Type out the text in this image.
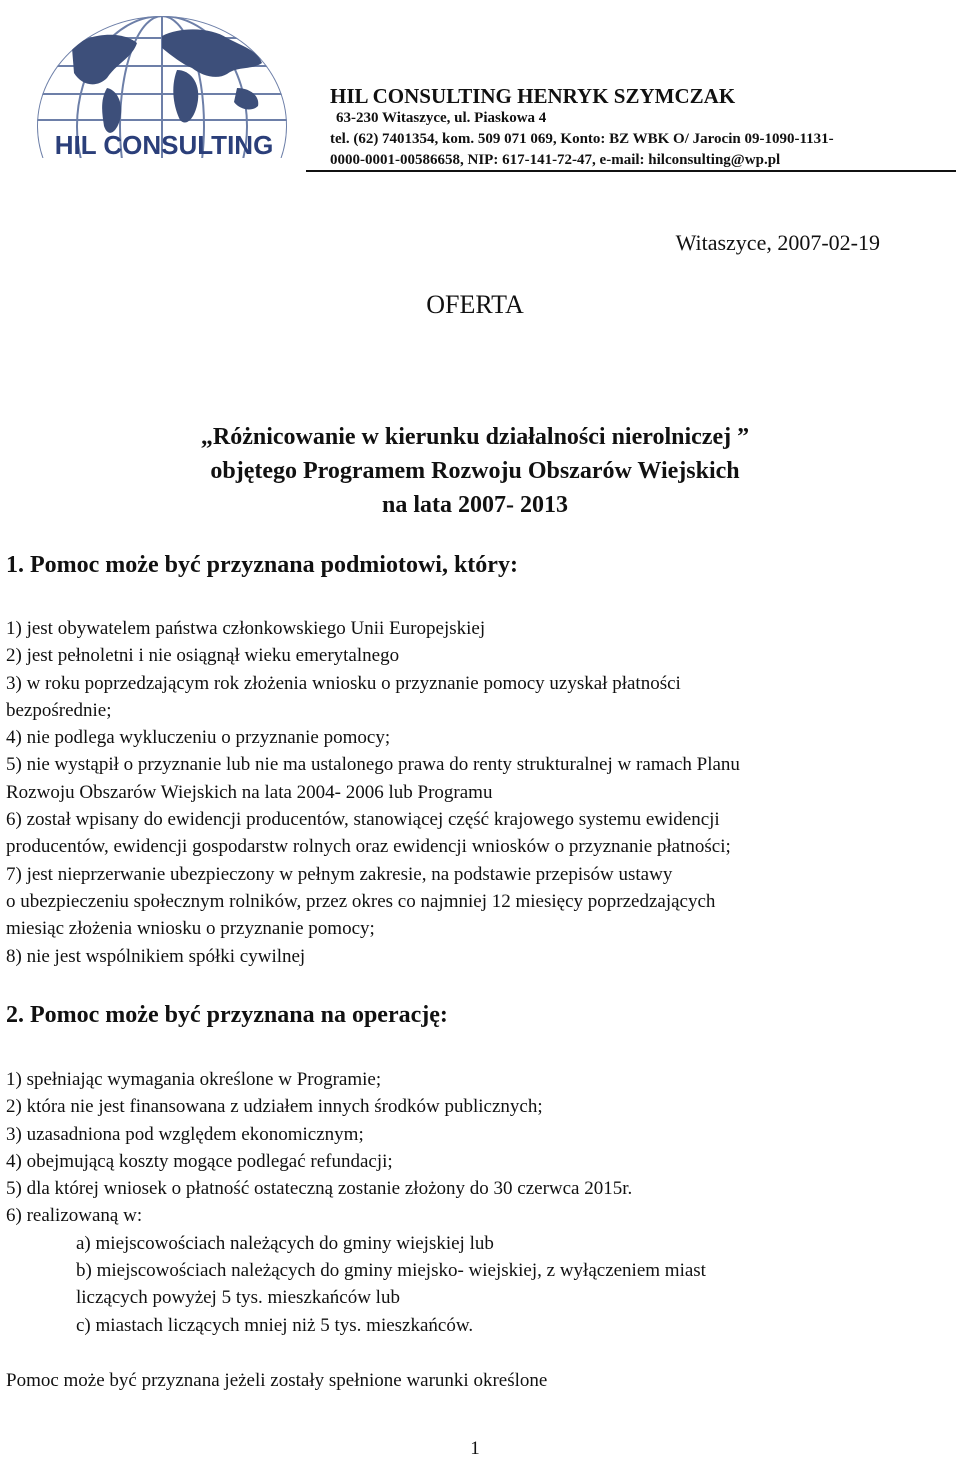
HIL CONSULTING
HIL CONSULTING HENRYK SZYMCZAK
63-230 Witaszyce, ul. Piaskowa 4
tel. (62) 7401354, kom. 509 071 069, Konto: BZ WBK O/ Jarocin 09-1090-1131-
0000-0001-00586658, NIP: 617-141-72-47, e-mail: hilconsulting@wp.pl
Witaszyce, 2007-02-19
OFERTA
„Różnicowanie w kierunku działalności nierolniczej ”
objętego Programem Rozwoju Obszarów Wiejskich
na lata 2007- 2013
1. Pomoc może być przyznana podmiotowi, który:
1) jest obywatelem państwa członkowskiego Unii Europejskiej
2) jest pełnoletni i nie osiągnął wieku emerytalnego
3) w roku poprzedzającym rok złożenia wniosku o przyznanie pomocy uzyskał płatności
bezpośrednie;
4) nie podlega wykluczeniu o przyznanie pomocy;
5) nie wystąpił o przyznanie lub nie ma ustalonego prawa do renty strukturalnej w ramach Planu
Rozwoju Obszarów Wiejskich na lata 2004- 2006 lub Programu
6) został wpisany do ewidencji producentów, stanowiącej część krajowego systemu ewidencji
producentów, ewidencji gospodarstw rolnych oraz ewidencji wniosków o przyznanie płatności;
7) jest nieprzerwanie ubezpieczony w pełnym zakresie, na podstawie przepisów ustawy
o ubezpieczeniu społecznym rolników, przez okres co najmniej 12 miesięcy poprzedzających
miesiąc złożenia wniosku o przyznanie pomocy;
8) nie jest wspólnikiem spółki cywilnej
2. Pomoc może być przyznana na operację:
1) spełniając wymagania określone w Programie;
2) która nie jest finansowana z udziałem innych środków publicznych;
3) uzasadniona pod względem ekonomicznym;
4) obejmującą koszty mogące podlegać refundacji;
5) dla której wniosek o płatność ostateczną zostanie złożony do 30 czerwca 2015r.
6) realizowaną w:
a) miejscowościach należących do gminy wiejskiej lub
b) miejscowościach należących do gminy miejsko- wiejskiej, z wyłączeniem miast
liczących powyżej 5 tys. mieszkańców lub
c) miastach liczących mniej niż 5 tys. mieszkańców.
Pomoc może być przyznana jeżeli zostały spełnione warunki określone
1
